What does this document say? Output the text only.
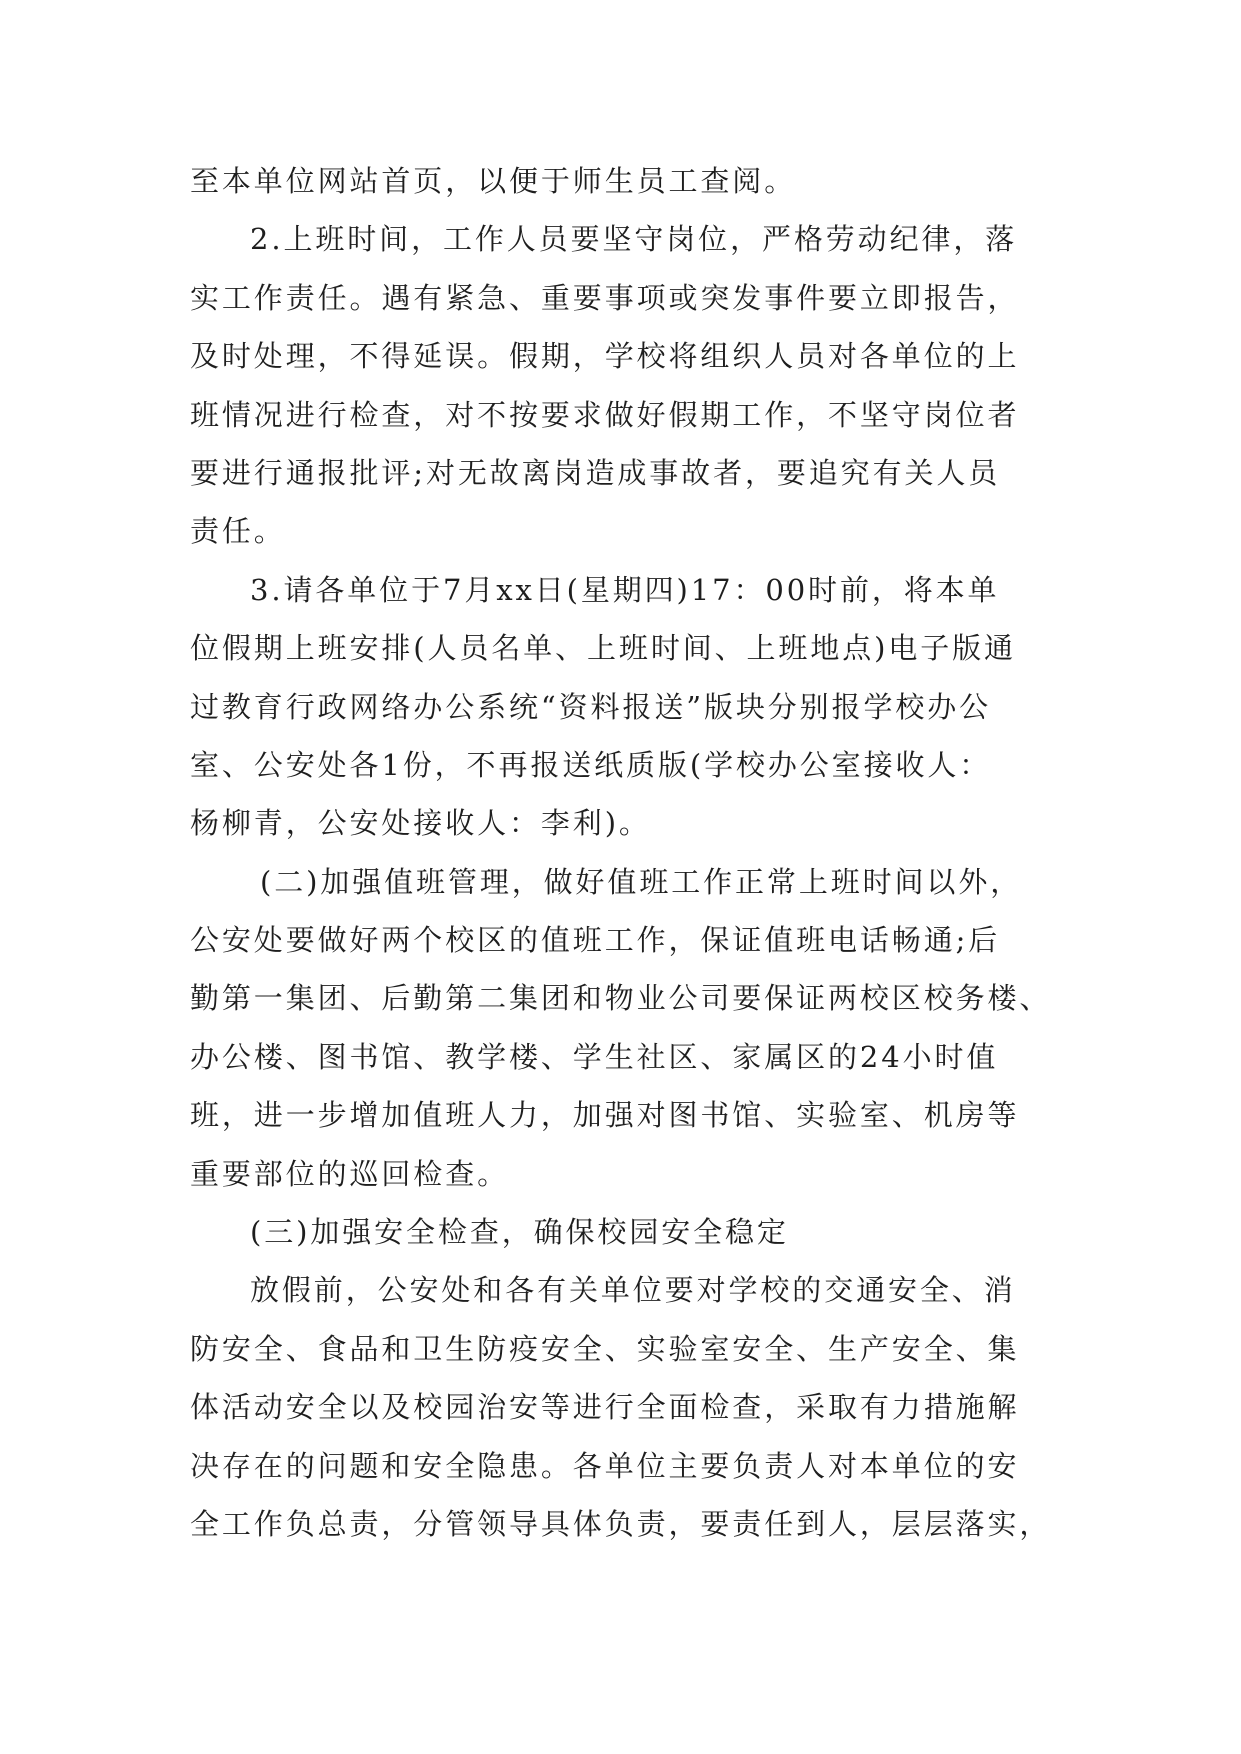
至本单位网站首页，以便于师生员工查阅。
2.上班时间，工作人员要坚守岗位，严格劳动纪律，落
实工作责任。遇有紧急、重要事项或突发事件要立即报告，
及时处理，不得延误。假期，学校将组织人员对各单位的上
班情况进行检查，对不按要求做好假期工作，不坚守岗位者
要进行通报批评;对无故离岗造成事故者，要追究有关人员
责任。
3.请各单位于7月xx日(星期四)17：00时前，将本单
位假期上班安排(人员名单、上班时间、上班地点)电子版通
过教育行政网络办公系统“资料报送”版块分别报学校办公
室、公安处各1份，不再报送纸质版(学校办公室接收人：
杨柳青，公安处接收人：李利)。
(二)加强值班管理，做好值班工作正常上班时间以外，
公安处要做好两个校区的值班工作，保证值班电话畅通;后
勤第一集团、后勤第二集团和物业公司要保证两校区校务楼、
办公楼、图书馆、教学楼、学生社区、家属区的24小时值
班，进一步增加值班人力，加强对图书馆、实验室、机房等
重要部位的巡回检查。
(三)加强安全检查，确保校园安全稳定
放假前，公安处和各有关单位要对学校的交通安全、消
防安全、食品和卫生防疫安全、实验室安全、生产安全、集
体活动安全以及校园治安等进行全面检查，采取有力措施解
决存在的问题和安全隐患。各单位主要负责人对本单位的安
全工作负总责，分管领导具体负责，要责任到人，层层落实，
